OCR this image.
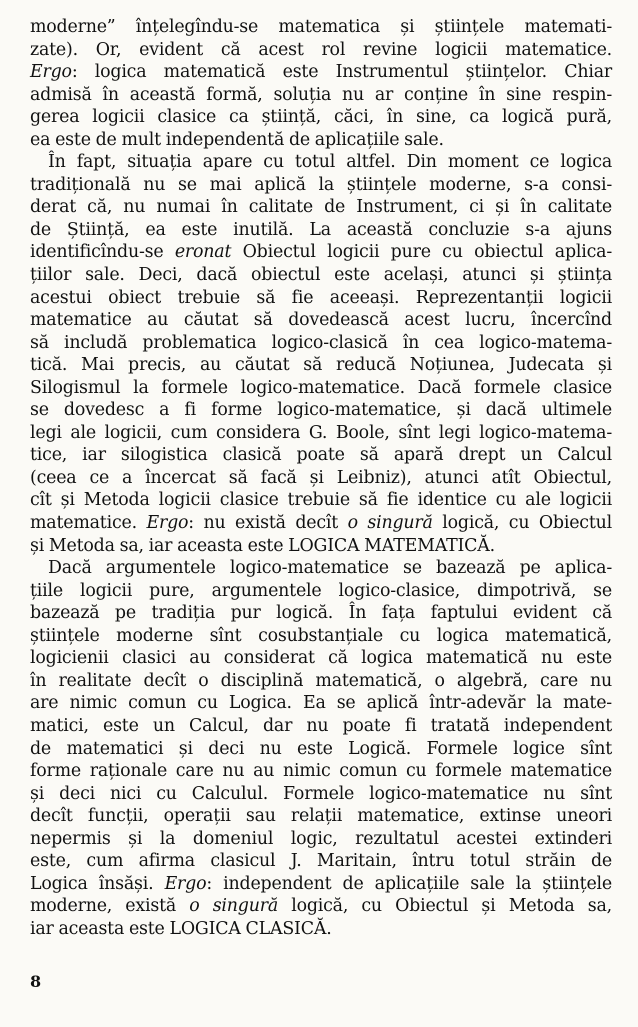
moderne” înțelegîndu-se matematica și științele matemati-
zate). Or, evident că acest rol revine logicii matematice.
Ergo: logica matematică este Instrumentul științelor. Chiar
admisă în această formă, soluția nu ar conține în sine respin-
gerea logicii clasice ca știință, căci, în sine, ca logică pură,
ea este de mult independentă de aplicațiile sale.
În fapt, situația apare cu totul altfel. Din moment ce logica
tradițională nu se mai aplică la științele moderne, s-a consi-
derat că, nu numai în calitate de Instrument, ci și în calitate
de Știință, ea este inutilă. La această concluzie s-a ajuns
identificîndu-se eronat Obiectul logicii pure cu obiectul aplica-
țiilor sale. Deci, dacă obiectul este același, atunci și știința
acestui obiect trebuie să fie aceeași. Reprezentanții logicii
matematice au căutat să dovedească acest lucru, încercînd
să includă problematica logico-clasică în cea logico-matema-
tică. Mai precis, au căutat să reducă Noțiunea, Judecata și
Silogismul la formele logico-matematice. Dacă formele clasice
se dovedesc a fi forme logico-matematice, și dacă ultimele
legi ale logicii, cum considera G. Boole, sînt legi logico-matema-
tice, iar silogistica clasică poate să apară drept un Calcul
(ceea ce a încercat să facă și Leibniz), atunci atît Obiectul,
cît și Metoda logicii clasice trebuie să fie identice cu ale logicii
matematice. Ergo: nu există decît o singură logică, cu Obiectul
și Metoda sa, iar aceasta este LOGICA MATEMATICĂ.
Dacă argumentele logico-matematice se bazează pe aplica-
țiile logicii pure, argumentele logico-clasice, dimpotrivă, se
bazează pe tradiția pur logică. În fața faptului evident că
științele moderne sînt cosubstanțiale cu logica matematică,
logicienii clasici au considerat că logica matematică nu este
în realitate decît o disciplină matematică, o algebră, care nu
are nimic comun cu Logica. Ea se aplică într-adevăr la mate-
matici, este un Calcul, dar nu poate fi tratată independent
de matematici și deci nu este Logică. Formele logice sînt
forme raționale care nu au nimic comun cu formele matematice
și deci nici cu Calculul. Formele logico-matematice nu sînt
decît funcții, operații sau relații matematice, extinse uneori
nepermis și la domeniul logic, rezultatul acestei extinderi
este, cum afirma clasicul J. Maritain, întru totul străin de
Logica însăși. Ergo: independent de aplicațiile sale la științele
moderne, există o singură logică, cu Obiectul și Metoda sa,
iar aceasta este LOGICA CLASICĂ.
8
